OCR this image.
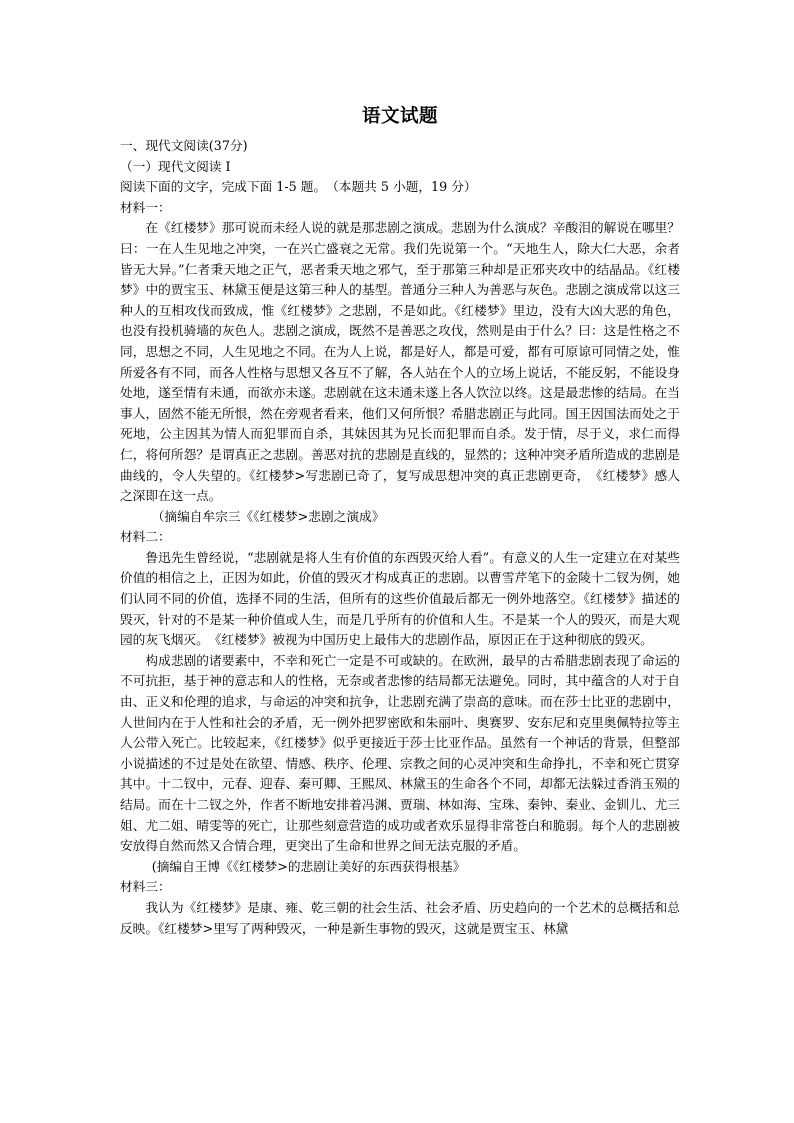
语文试题

一、现代文阅读(37分)

（一）现代文阅读 I

阅读下面的文字，完成下面 1-5 题。　（本题共 5 小题，19 分）

材料一：

在《红楼梦》那可说而未经人说的就是那悲剧之演成。悲剧为什么演成？辛酸泪的解说在哪里？曰：一在人生见地之冲突，一在兴亡盛衰之无常。我们先说第一个。“天地生人，除大仁大恶，余者皆无大异。”仁者秉天地之正气，恶者秉天地之邪气，至于那第三种却是正邪夹攻中的结晶品。《红楼梦》中的贾宝玉、林黛玉便是这第三种人的基型。普通分三种人为善恶与灰色。悲剧之演成常以这三种人的互相攻伐而致成，惟《红楼梦》之悲剧，不是如此。《红楼梦》里边，没有大凶大恶的角色，也没有投机骑墙的灰色人。悲剧之演成，既然不是善恶之攻伐，然则是由于什么？曰：这是性格之不同，思想之不同，人生见地之不同。在为人上说，都是好人，都是可爱，都有可原谅可同情之处，惟所爱各有不同，而各人性格与思想又各互不了解，各人站在个人的立场上说话，不能反躬，不能设身处地，遂至情有未通，而欲亦未遂。悲剧就在这未通未遂上各人饮泣以终。这是最悲惨的结局。在当事人，固然不能无所恨，然在旁观者看来，他们又何所恨？希腊悲剧正与此同。国王因国法而处之于死地，公主因其为情人而犯罪而自杀，其妹因其为兄长而犯罪而自杀。发于情，尽于义，求仁而得仁，将何所怨？是谓真正之悲剧。善恶对抗的悲剧是直线的，显然的；这种冲突矛盾所造成的悲剧是曲线的，令人失望的。《红楼梦>写悲剧已奇了，复写成思想冲突的真正悲剧更奇，　《红楼梦》感人之深即在这一点。

（摘编自牟宗三《《红楼梦>悲剧之演成》

材料二：

鲁迅先生曾经说，“悲剧就是将人生有价值的东西毁灭给人看”。有意义的人生一定建立在对某些价值的相信之上，正因为如此，价值的毁灭才构成真正的悲剧。以曹雪芹笔下的金陵十二钗为例，她们认同不同的价值，选择不同的生活，但所有的这些价值最后都无一例外地落空。《红楼梦》描述的毁灭，针对的不是某一种价值或人生，而是几乎所有的价值和人生。不是某一个人的毁灭，而是大观园的灰飞烟灭。　《红楼梦》被视为中国历史上最伟大的悲剧作品，原因正在于这种彻底的毁灭。

构成悲剧的诸要素中，不幸和死亡一定是不可或缺的。在欧洲，最早的古希腊悲剧表现了命运的不可抗拒，基于神的意志和人的性格，无奈或者悲惨的结局都无法避免。同时，其中蕴含的人对于自由、正义和伦理的追求，与命运的冲突和抗争，让悲剧充满了崇高的意味。而在莎士比亚的悲剧中，人世间内在于人性和社会的矛盾，无一例外把罗密欧和朱丽叶、奥赛罗、安东尼和克里奥佩特拉等主人公带入死亡。比较起来，《红楼梦》似乎更接近于莎士比亚作品。虽然有一个神话的背景，但整部小说描述的不过是处在欲望、情感、秩序、伦理、宗教之间的心灵冲突和生命挣扎，不幸和死亡贯穿其中。十二钗中，元春、迎春、秦可卿、王熙凤、林黛玉的生命各个不同，却都无法躲过香消玉殒的结局。而在十二钗之外，作者不断地安排着冯渊、贾瑞、林如海、宝珠、秦钟、秦业、金钏儿、尤三姐、尤二姐、晴雯等的死亡，让那些刻意营造的成功或者欢乐显得非常苍白和脆弱。每个人的悲剧被安放得自然而然又合情合理，更突出了生命和世界之间无法克服的矛盾。

(摘编自王博《《红楼梦>的悲剧让美好的东西获得根基》

材料三：

我认为《红楼梦》是康、雍、乾三朝的社会生活、社会矛盾、历史趋向的一个艺术的总概括和总反映。《红楼梦>里写了两种毁灭，一种是新生事物的毁灭，这就是贾宝玉、林黛
